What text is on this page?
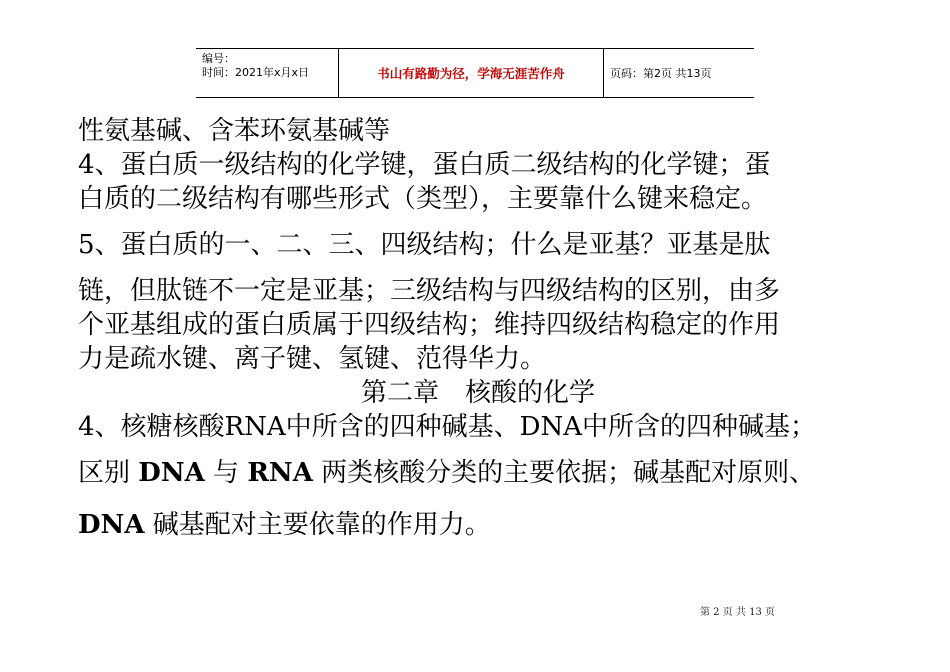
编号：
时间：2021年x月x日	书山有路勤为径，学海无涯苦作舟	页码：第2页 共13页
性氨基碱、含苯环氨基碱等
4、蛋白质一级结构的化学键，蛋白质二级结构的化学键；蛋
白质的二级结构有哪些形式（类型），主要靠什么键来稳定。
5、蛋白质的一、二、三、四级结构；什么是亚基？亚基是肽
链，但肽链不一定是亚基；三级结构与四级结构的区别，由多
个亚基组成的蛋白质属于四级结构；维持四级结构稳定的作用
力是疏水键、离子键、氢键、范得华力。
第二章　核酸的化学
4、核糖核酸RNA中所含的四种碱基、DNA中所含的四种碱基；
区别 DNA 与 RNA 两类核酸分类的主要依据；碱基配对原则、
DNA 碱基配对主要依靠的作用力。
第 2 页 共 13 页
